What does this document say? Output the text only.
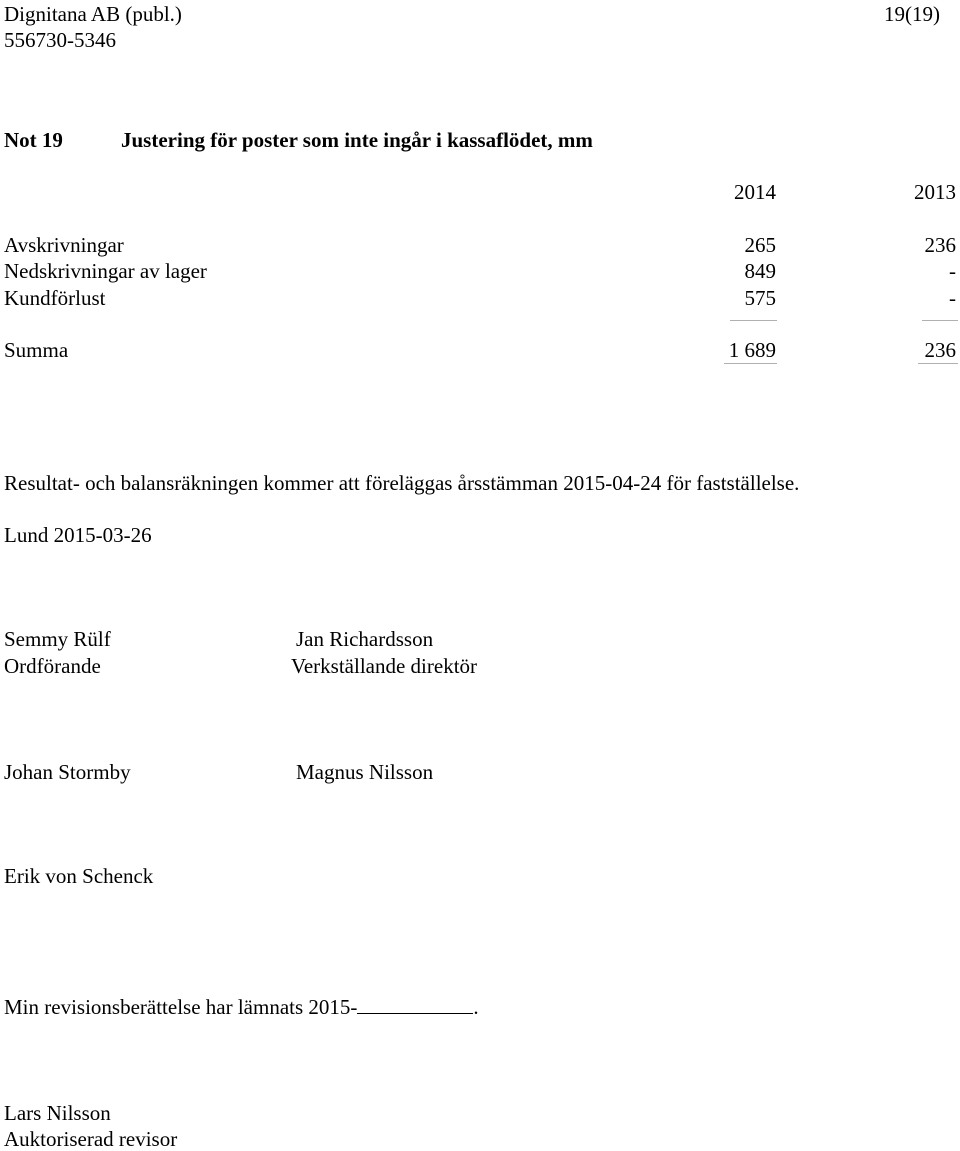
Dignitana AB (publ.)
556730-5346
19(19)
Not 19	Justering för poster som inte ingår i kassaflödet, mm
2014	2013
Avskrivningar	265	236
Nedskrivningar av lager	849	-
Kundförlust	575	-
Summa	1 689	236
Resultat- och balansräkningen kommer att föreläggas årsstämman 2015-04-24 för fastställelse.
Lund 2015-03-26
Semmy Rülf
Ordförande
Jan Richardsson
Verkställande direktör
Johan Stormby	Magnus Nilsson
Erik von Schenck
Min revisionsberättelse har lämnats 2015-	.
Lars Nilsson
Auktoriserad revisor
